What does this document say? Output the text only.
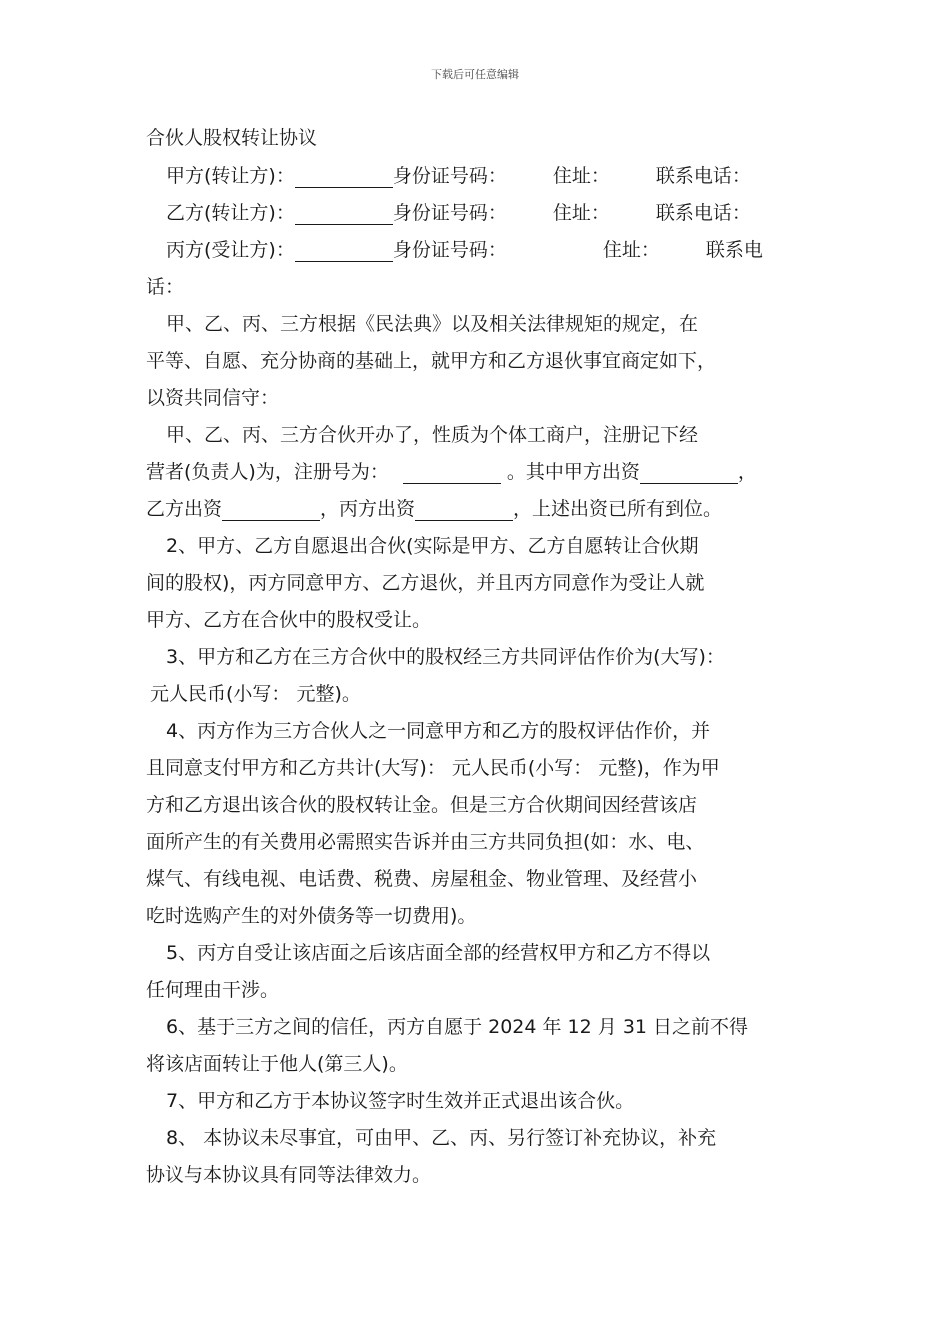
下载后可任意编辑
合伙人股权转让协议
甲方(转让方)：	身份证号码： 住址： 联系电话：
乙方(转让方)：	身份证号码： 住址： 联系电话：
丙方(受让方)：	身份证号码：	住址： 联系电
话：
甲、乙、丙、三方根据《民法典》以及相关法律规矩的规定，在
平等、自愿、充分协商的基础上，就甲方和乙方退伙事宜商定如下，
以资共同信守：
甲、乙、丙、三方合伙开办了，性质为个体工商户，注册记下经
营者(负责人)为，注册号为：	。其中甲方出资	，
乙方出资	，丙方出资	，上述出资已所有到位。
2、甲方、乙方自愿退出合伙(实际是甲方、乙方自愿转让合伙期
间的股权)，丙方同意甲方、乙方退伙，并且丙方同意作为受让人就
甲方、乙方在合伙中的股权受让。
3、甲方和乙方在三方合伙中的股权经三方共同评估作价为(大写)：
元人民币(小写： 元整)。
4、丙方作为三方合伙人之一同意甲方和乙方的股权评估作价，并
且同意支付甲方和乙方共计(大写)： 元人民币(小写： 元整)，作为甲
方和乙方退出该合伙的股权转让金。但是三方合伙期间因经营该店
面所产生的有关费用必需照实告诉并由三方共同负担(如：水、电、
煤气、有线电视、电话费、税费、房屋租金、物业管理、及经营小
吃时选购产生的对外债务等一切费用)。
5、丙方自受让该店面之后该店面全部的经营权甲方和乙方不得以
任何理由干涉。
6、基于三方之间的信任，丙方自愿于 2024 年 12 月 31 日之前不得
将该店面转让于他人(第三人)。
7、甲方和乙方于本协议签字时生效并正式退出该合伙。
8、 本协议未尽事宜，可由甲、乙、丙、另行签订补充协议，补充
协议与本协议具有同等法律效力。
